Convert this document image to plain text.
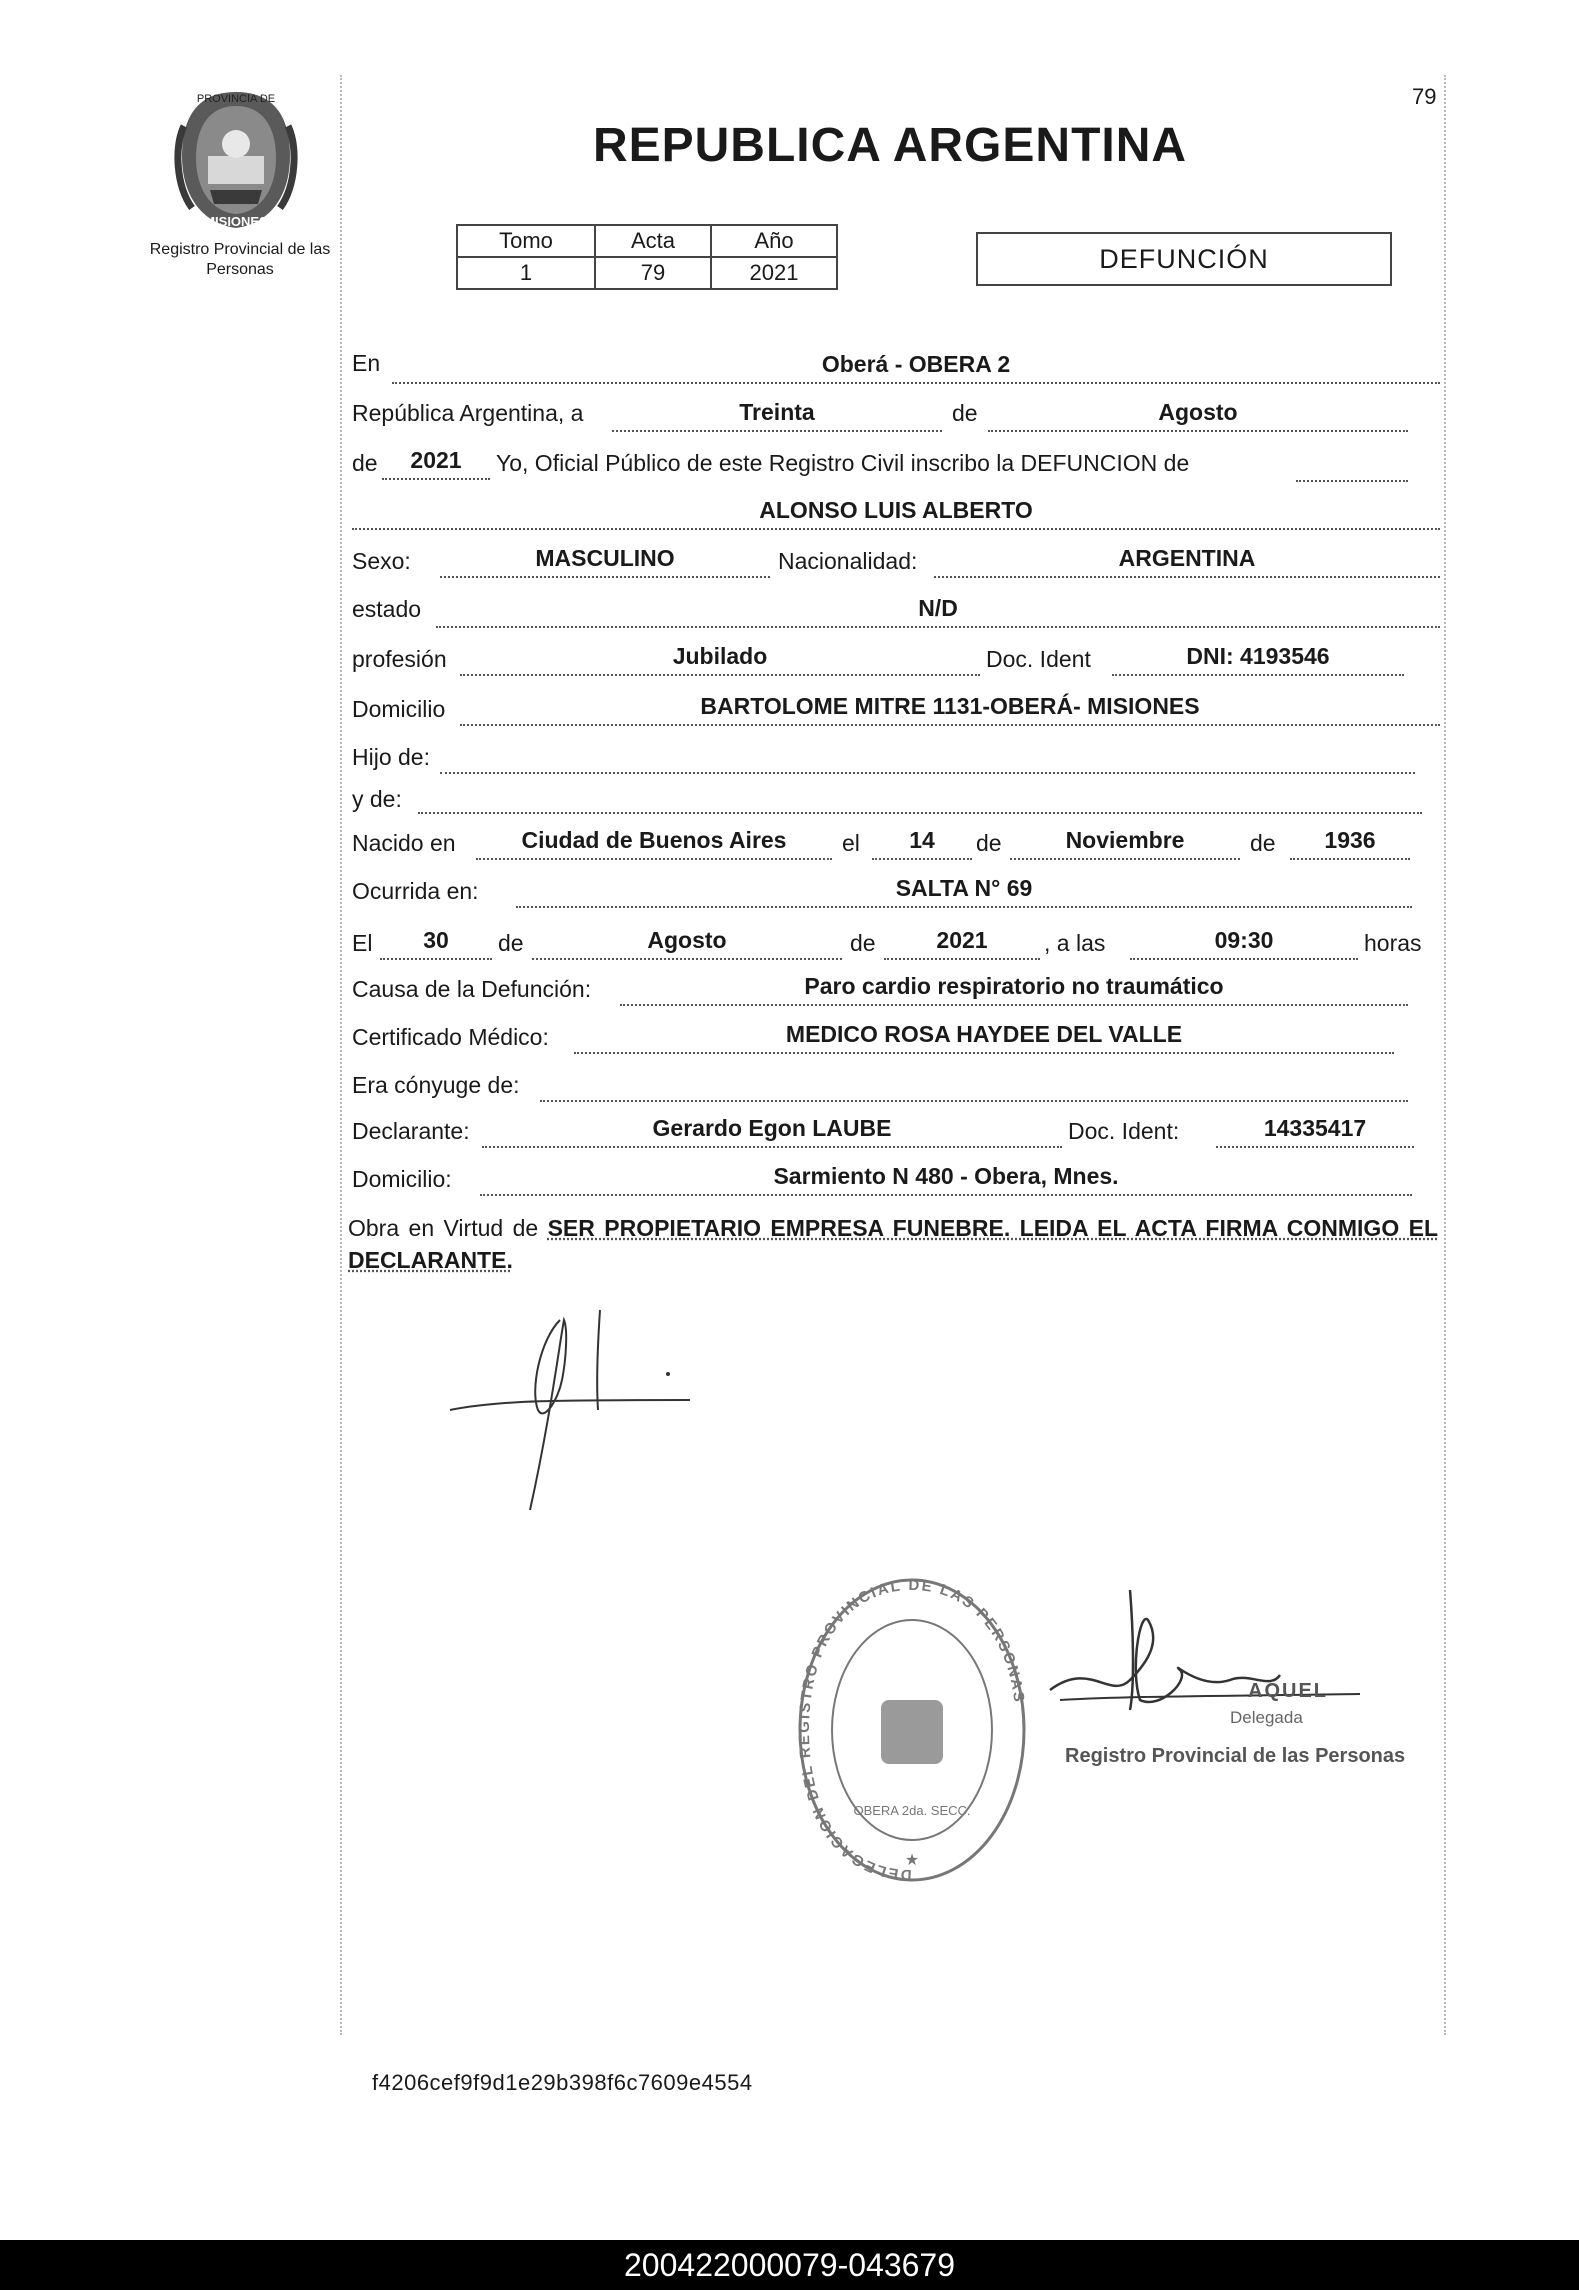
79
PROVINCIA DE
MISIONES
Registro Provincial de las Personas
REPUBLICA ARGENTINA
Tomo	Acta	Año
1	79	2021	DEFUNCIÓN
En	Oberá - OBERA 2
República Argentina, a	Treinta	de	Agosto
de	2021	Yo, Oficial Público de este Registro Civil inscribo la DEFUNCION de
ALONSO LUIS ALBERTO
Sexo:	MASCULINO	Nacionalidad:	ARGENTINA
estado	N/D
profesión	Jubilado	Doc. Ident	DNI: 4193546
Domicilio	BARTOLOME MITRE 1131-OBERÁ- MISIONES
Hijo de:
y de:
Nacido en	Ciudad de Buenos Aires	el	14	de	Noviembre	de	1936
Ocurrida en:	SALTA N° 69
El	30	de	Agosto	de	2021	, a las	09:30	horas
Causa de la Defunción:	Paro cardio respiratorio no traumático
Certificado Médico:	MEDICO ROSA HAYDEE DEL VALLE
Era cónyuge de:
Declarante:	Gerardo Egon LAUBE	Doc. Ident:	14335417
Domicilio:	Sarmiento N 480 - Obera, Mnes.
Obra en Virtud de SER PROPIETARIO EMPRESA FUNEBRE. LEIDA EL ACTA FIRMA CONMIGO EL DECLARANTE.
DELEGACION DEL REGISTRO PROVINCIAL DE LAS PERSONAS
OBERA 2da. SECC.
★
AQUEL
Delegada
Registro Provincial de las Personas
f4206cef9f9d1e29b398f6c7609e4554
200422000079-043679
